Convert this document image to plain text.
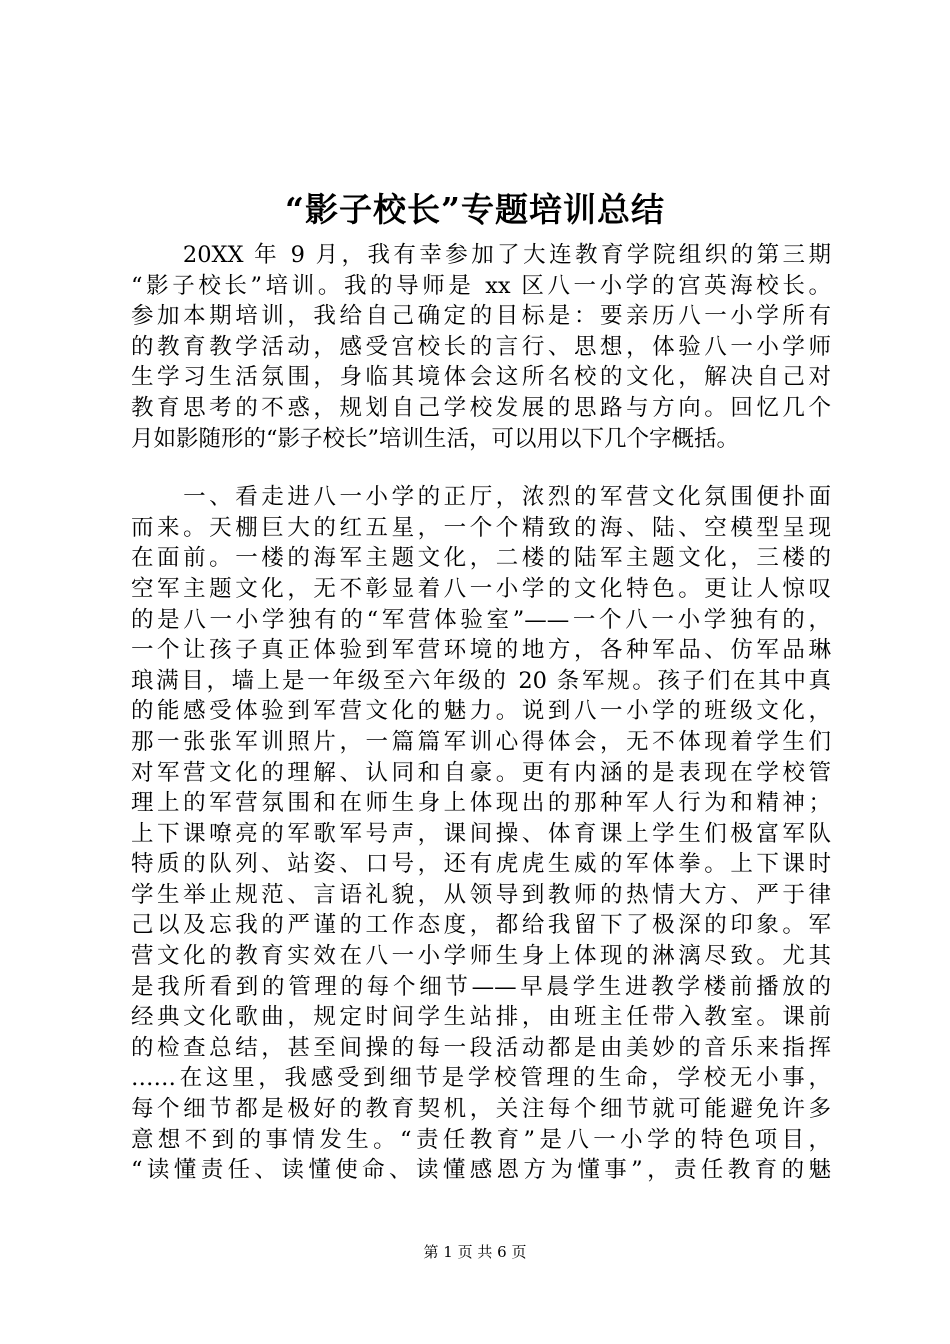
“影子校长”专题培训总结
　　20XX 年 9 月，我有幸参加了大连教育学院组织的第三期
“影子校长”培训。我的导师是 xx 区八一小学的宫英海校长。
参加本期培训，我给自己确定的目标是：要亲历八一小学所有
的教育教学活动，感受宫校长的言行、思想，体验八一小学师
生学习生活氛围，身临其境体会这所名校的文化，解决自己对
教育思考的不惑，规划自己学校发展的思路与方向。回忆几个
月如影随形的“影子校长”培训生活，可以用以下几个字概括。
　　一、看走进八一小学的正厅，浓烈的军营文化氛围便扑面
而来。天棚巨大的红五星，一个个精致的海、陆、空模型呈现
在面前。一楼的海军主题文化，二楼的陆军主题文化，三楼的
空军主题文化，无不彰显着八一小学的文化特色。更让人惊叹
的是八一小学独有的“军营体验室”——一个八一小学独有的，
一个让孩子真正体验到军营环境的地方，各种军品、仿军品琳
琅满目，墙上是一年级至六年级的 20 条军规。孩子们在其中真
的能感受体验到军营文化的魅力。说到八一小学的班级文化，
那一张张军训照片，一篇篇军训心得体会，无不体现着学生们
对军营文化的理解、认同和自豪。更有内涵的是表现在学校管
理上的军营氛围和在师生身上体现出的那种军人行为和精神；
上下课嘹亮的军歌军号声，课间操、体育课上学生们极富军队
特质的队列、站姿、口号，还有虎虎生威的军体拳。上下课时
学生举止规范、言语礼貌，从领导到教师的热情大方、严于律
己以及忘我的严谨的工作态度，都给我留下了极深的印象。军
营文化的教育实效在八一小学师生身上体现的淋漓尽致。尤其
是我所看到的管理的每个细节——早晨学生进教学楼前播放的
经典文化歌曲，规定时间学生站排，由班主任带入教室。课前
的检查总结，甚至间操的每一段活动都是由美妙的音乐来指挥
……在这里，我感受到细节是学校管理的生命，学校无小事，
每个细节都是极好的教育契机，关注每个细节就可能避免许多
意想不到的事情发生。“责任教育”是八一小学的特色项目，
“读懂责任、读懂使命、读懂感恩方为懂事”，责任教育的魅
第 1 页 共 6 页
